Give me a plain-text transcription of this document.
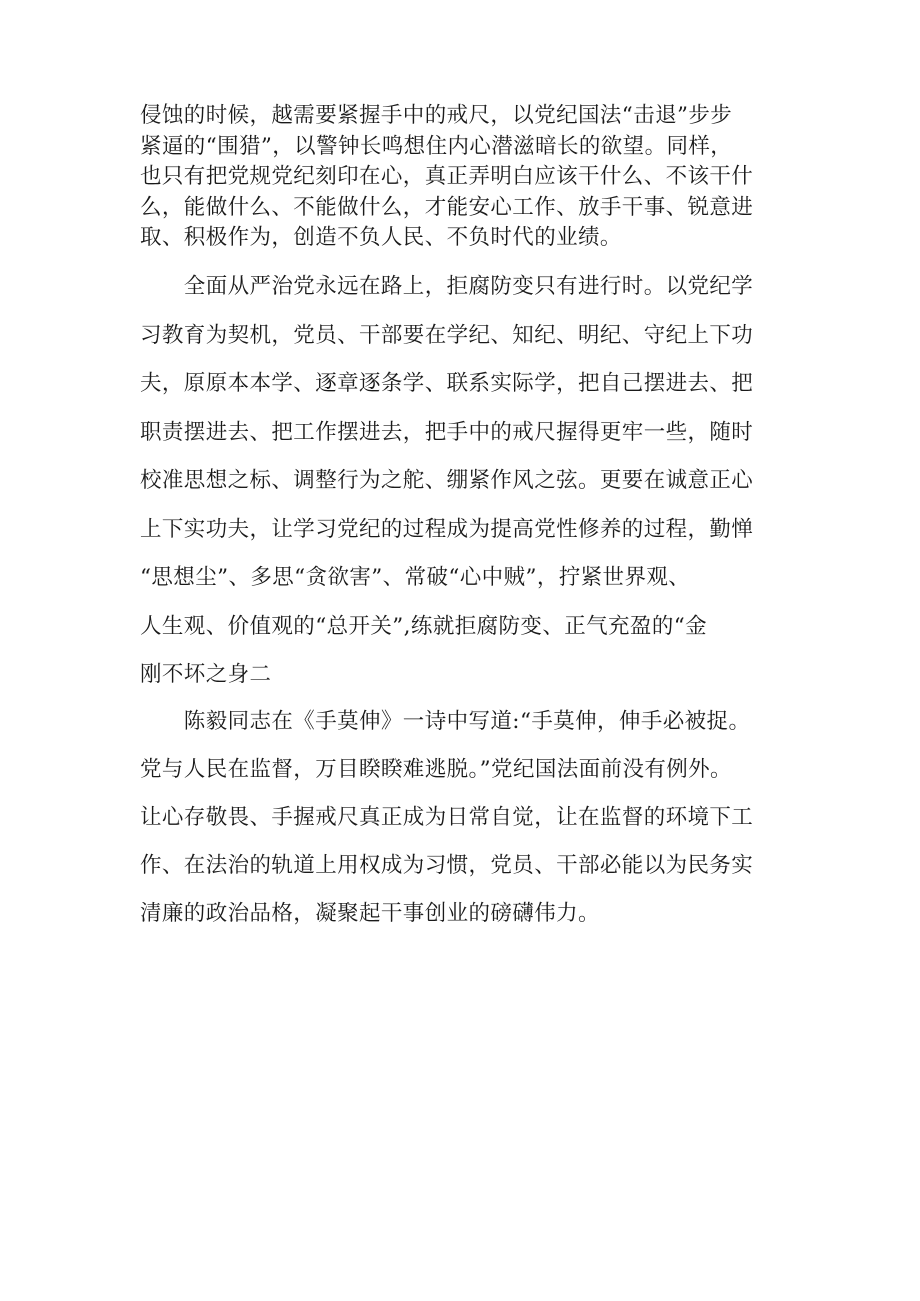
侵蚀的时候，越需要紧握手中的戒尺，以党纪国法“击退”步步
紧逼的“围猎”，以警钟长鸣想住内心潜滋暗长的欲望。同样，
也只有把党规党纪刻印在心，真正弄明白应该干什么、不该干什
么，能做什么、不能做什么，才能安心工作、放手干事、锐意进
取、积极作为，创造不负人民、不负时代的业绩。

　　全面从严治党永远在路上，拒腐防变只有进行时。以党纪学
习教育为契机，党员、干部要在学纪、知纪、明纪、守纪上下功
夫，原原本本学、逐章逐条学、联系实际学，把自己摆进去、把
职责摆进去、把工作摆进去，把手中的戒尺握得更牢一些，随时
校准思想之标、调整行为之舵、绷紧作风之弦。更要在诚意正心
上下实功夫，让学习党纪的过程成为提高党性修养的过程，勤惮
“思想尘”、多思“贪欲害”、常破“心中贼”，拧紧世界观、
人生观、价值观的“总开关”,练就拒腐防变、正气充盈的“金
刚不坏之身二

　　陈毅同志在《手莫伸》一诗中写道:“手莫伸，伸手必被捉。
党与人民在监督，万目睽睽难逃脱。”党纪国法面前没有例外。
让心存敬畏、手握戒尺真正成为日常自觉，让在监督的环境下工
作、在法治的轨道上用权成为习惯，党员、干部必能以为民务实
清廉的政治品格，凝聚起干事创业的磅礴伟力。
